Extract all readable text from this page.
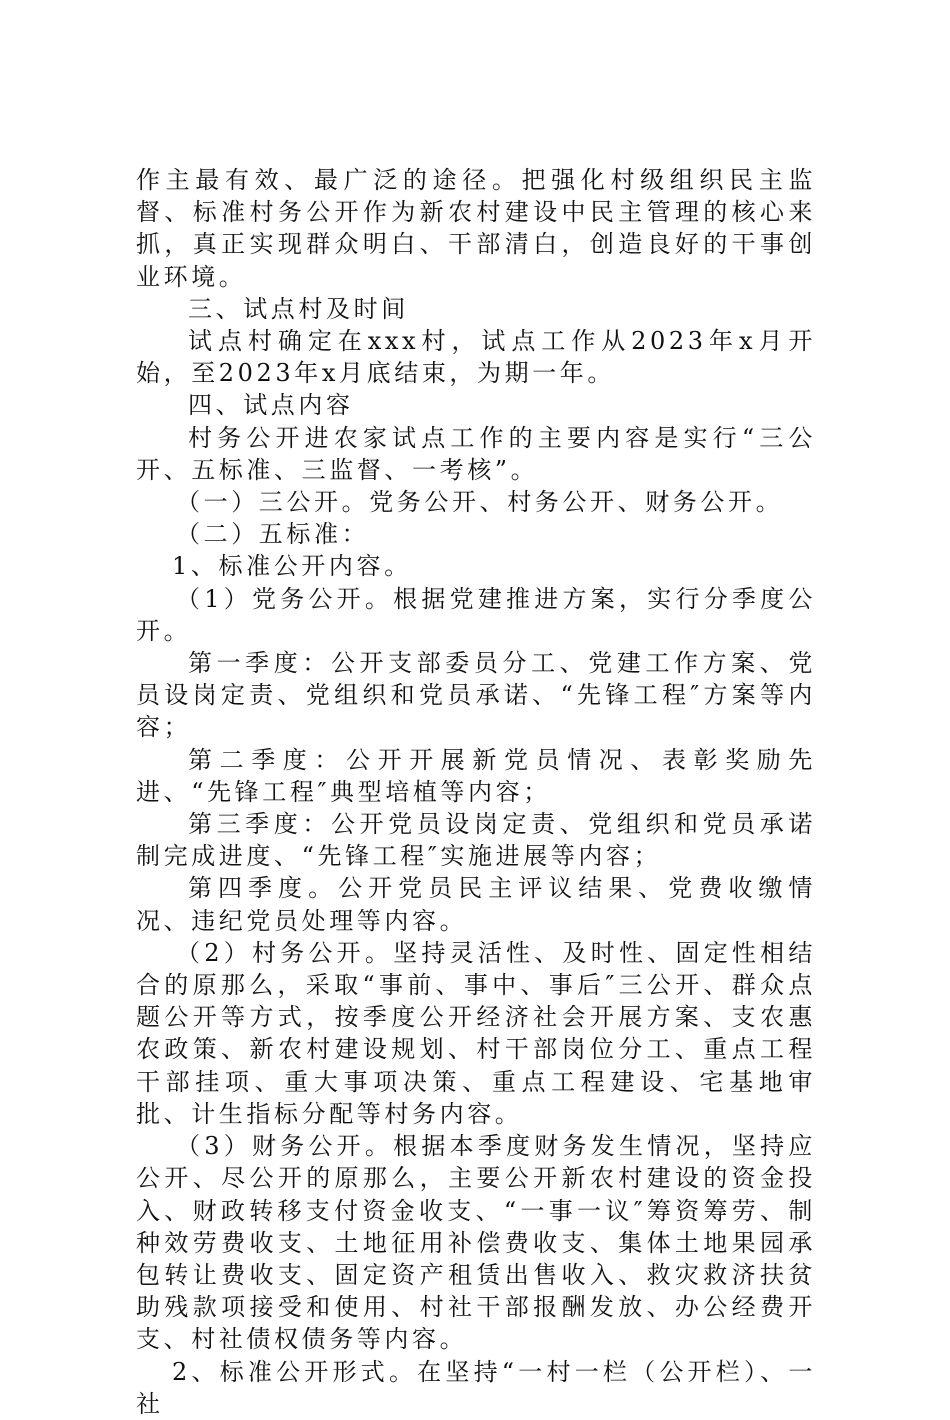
作主最有效、最广泛的途径。把强化村级组织民主监督、标准村务公开作为新农村建设中民主管理的核心来抓，真正实现群众明白、干部清白，创造良好的干事创业环境。

三、试点村及时间

试点村确定在xxx村，试点工作从2023年x月开始，至2023年x月底结束，为期一年。

四、试点内容

村务公开进农家试点工作的主要内容是实行“三公开、五标准、三监督、一考核”。

（一）三公开。党务公开、村务公开、财务公开。

（二）五标准：

1、标准公开内容。

（1）党务公开。根据党建推进方案，实行分季度公开。

第一季度：公开支部委员分工、党建工作方案、党员设岗定责、党组织和党员承诺、“先锋工程″方案等内容；

第二季度：公开开展新党员情况、表彰奖励先进、“先锋工程″典型培植等内容；

第三季度：公开党员设岗定责、党组织和党员承诺制完成进度、“先锋工程″实施进展等内容；

第四季度。公开党员民主评议结果、党费收缴情况、违纪党员处理等内容。

（2）村务公开。坚持灵活性、及时性、固定性相结合的原那么，采取“事前、事中、事后″三公开、群众点题公开等方式，按季度公开经济社会开展方案、支农惠农政策、新农村建设规划、村干部岗位分工、重点工程干部挂项、重大事项决策、重点工程建设、宅基地审批、计生指标分配等村务内容。

（3）财务公开。根据本季度财务发生情况，坚持应公开、尽公开的原那么，主要公开新农村建设的资金投入、财政转移支付资金收支、“一事一议″筹资筹劳、制种效劳费收支、土地征用补偿费收支、集体土地果园承包转让费收支、固定资产租赁出售收入、救灾救济扶贫助残款项接受和使用、村社干部报酬发放、办公经费开支、村社债权债务等内容。

2、标准公开形式。在坚持“一村一栏（公开栏）、一社
